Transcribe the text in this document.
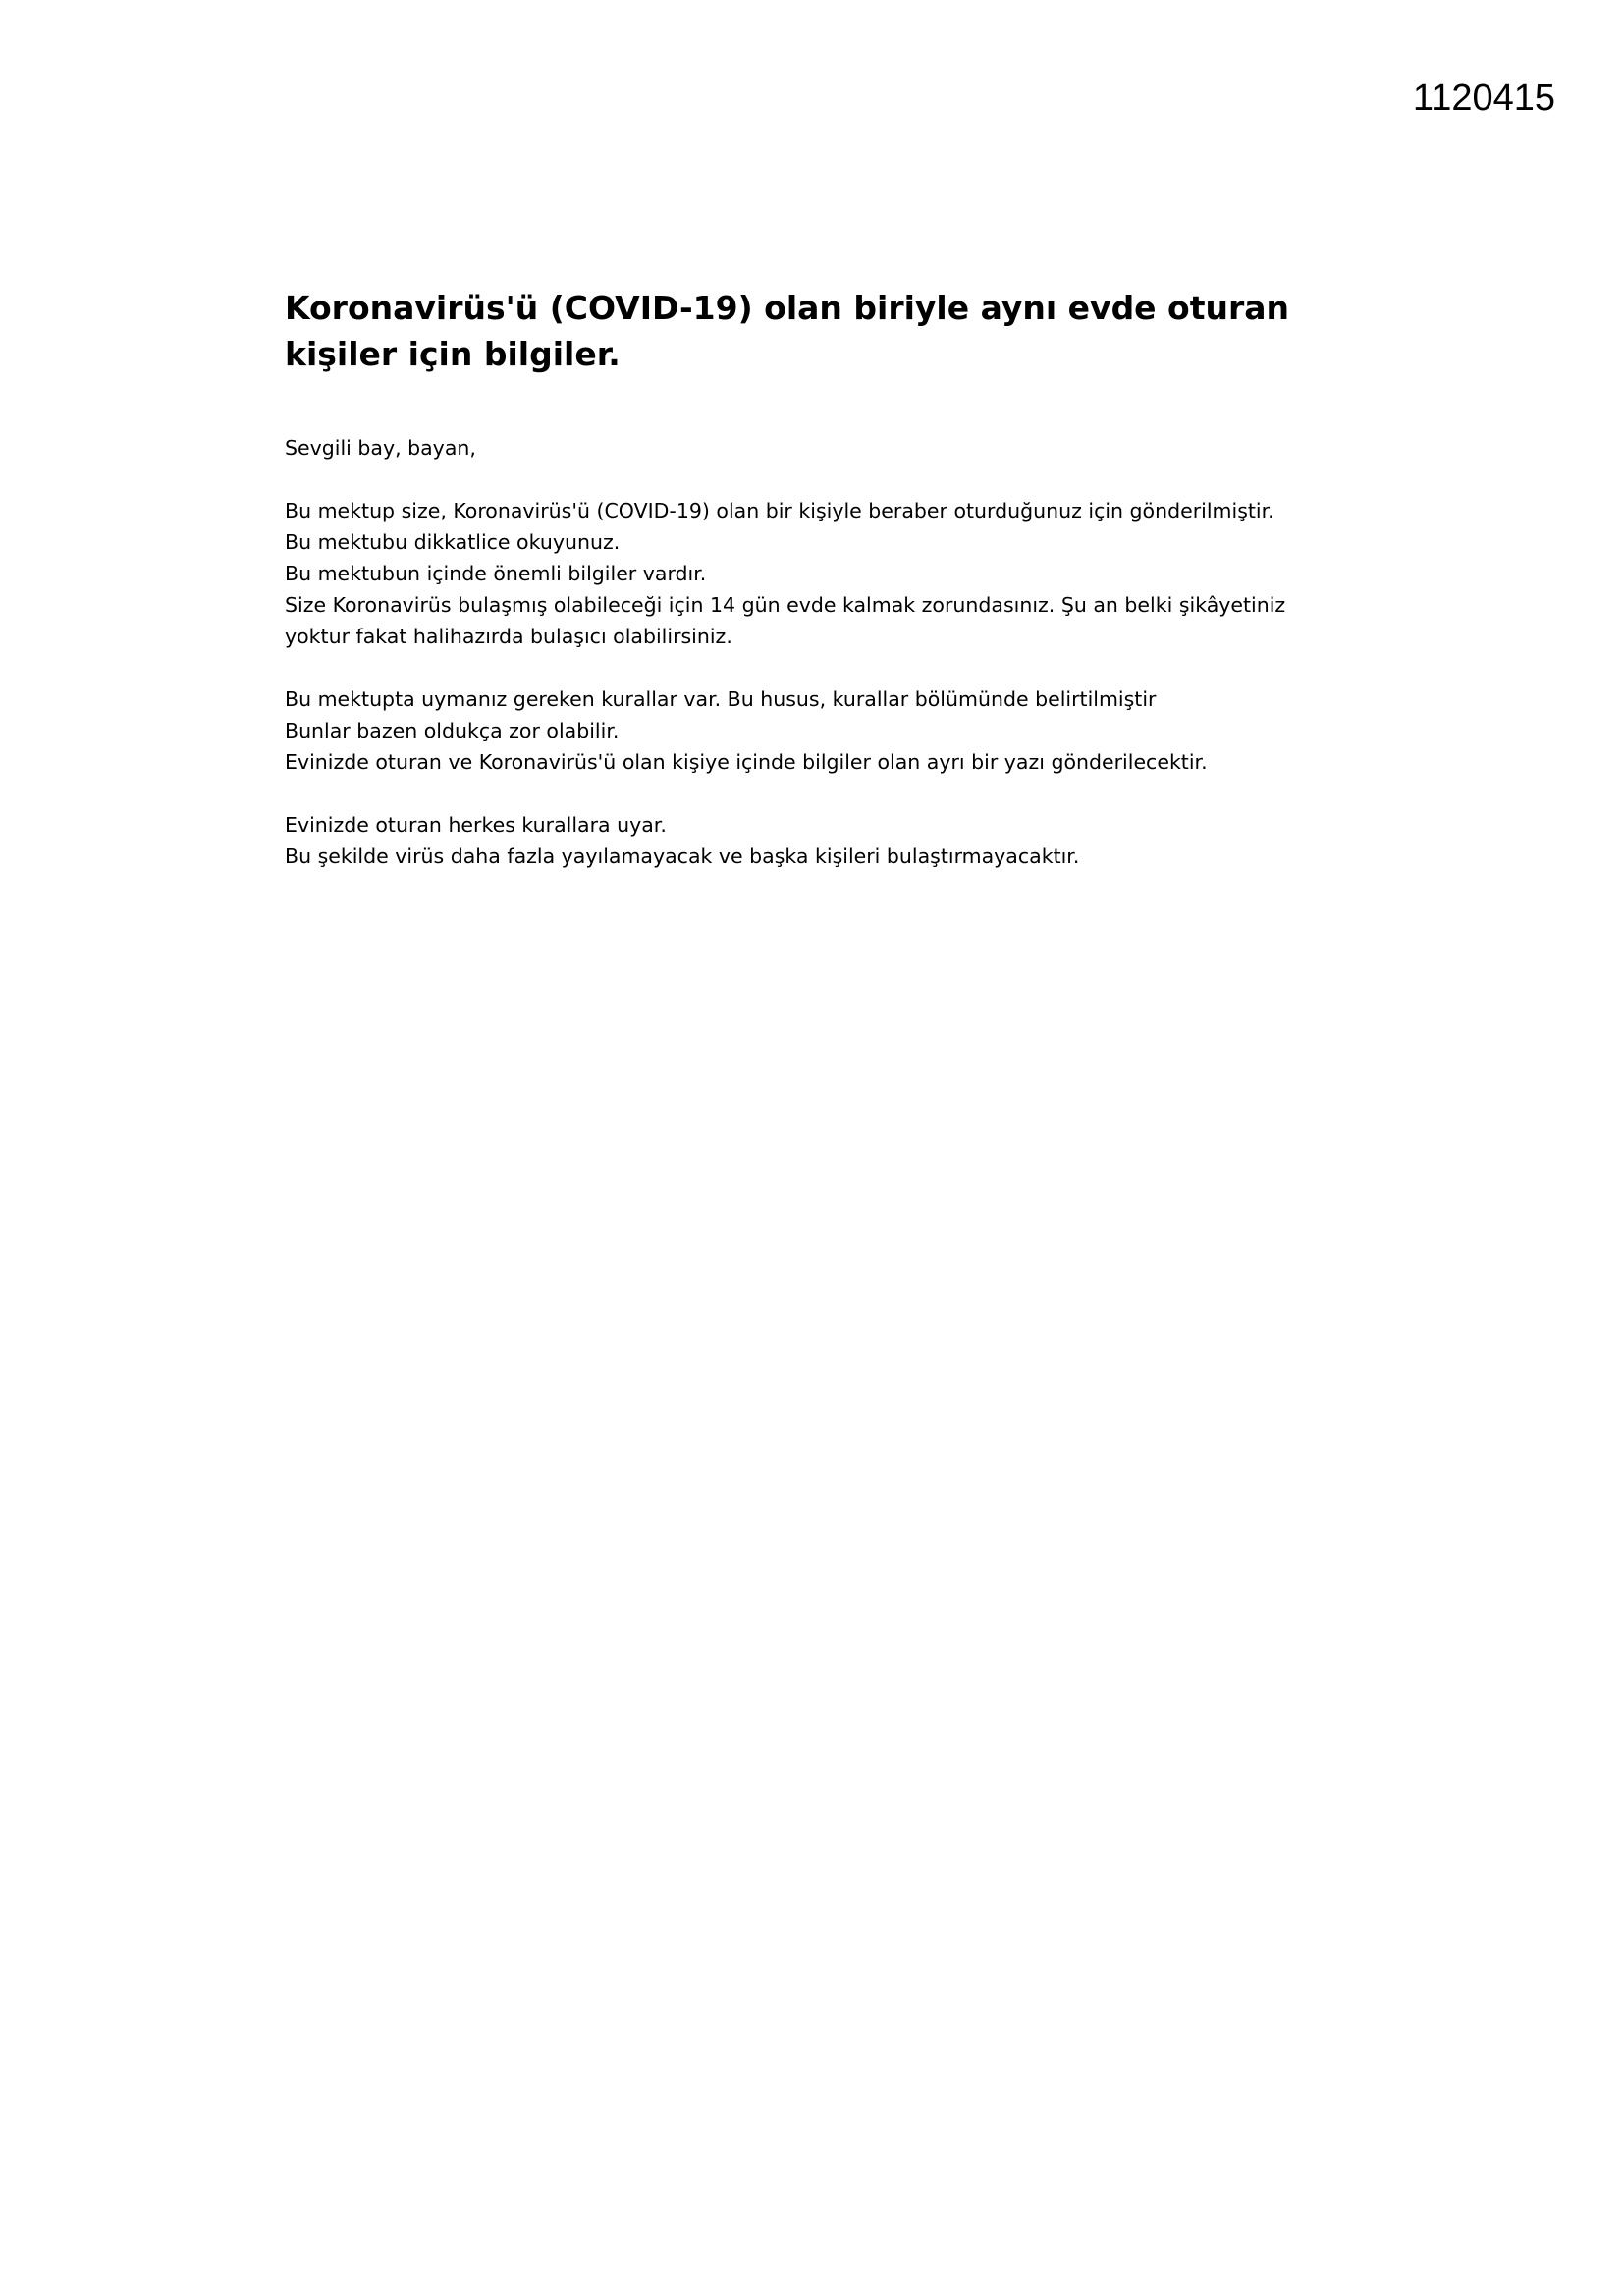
1120415
Koronavirüs'ü (COVID-19) olan biriyle aynı evde oturan kişiler için bilgiler.

Sevgili bay, bayan,

Bu mektup size, Koronavirüs'ü (COVID-19) olan bir kişiyle beraber oturduğunuz için gönderilmiştir.
Bu mektubu dikkatlice okuyunuz.
Bu mektubun içinde önemli bilgiler vardır.
Size Koronavirüs bulaşmış olabileceği için 14 gün evde kalmak zorundasınız. Şu an belki şikâyetiniz
yoktur fakat halihazırda bulaşıcı olabilirsiniz.
Bu mektupta uymanız gereken kurallar var. Bu husus, kurallar bölümünde belirtilmiştir
Bunlar bazen oldukça zor olabilir.
Evinizde oturan ve Koronavirüs'ü olan kişiye içinde bilgiler olan ayrı bir yazı gönderilecektir.
Evinizde oturan herkes kurallara uyar.
Bu şekilde virüs daha fazla yayılamayacak ve başka kişileri bulaştırmayacaktır.
